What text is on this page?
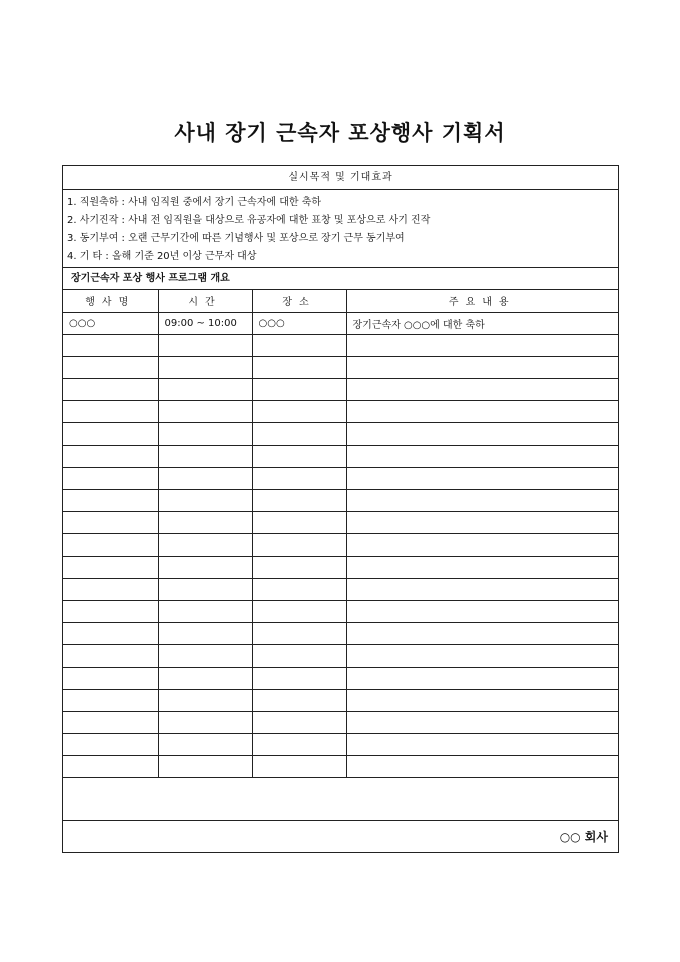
사내 장기 근속자 포상행사 기획서
실시목적 및 기대효과
1. 직원축하 : 사내 임직원 중에서 장기 근속자에 대한 축하
2. 사기진작 : 사내 전 임직원을 대상으로 유공자에 대한 표창 및 포상으로 사기 진작
3. 동기부여 : 오랜 근무기간에 따른 기념행사 및 포상으로 장기 근무 동기부여
4. 기 타 : 올해 기준 20년 이상 근무자 대상
장기근속자 포상 행사 프로그램 개요
행사명	시간	장소	주요내용
○○○	09:00 ~ 10:00	○○○	장기근속자 ○○○에 대한 축하

○○ 회사
